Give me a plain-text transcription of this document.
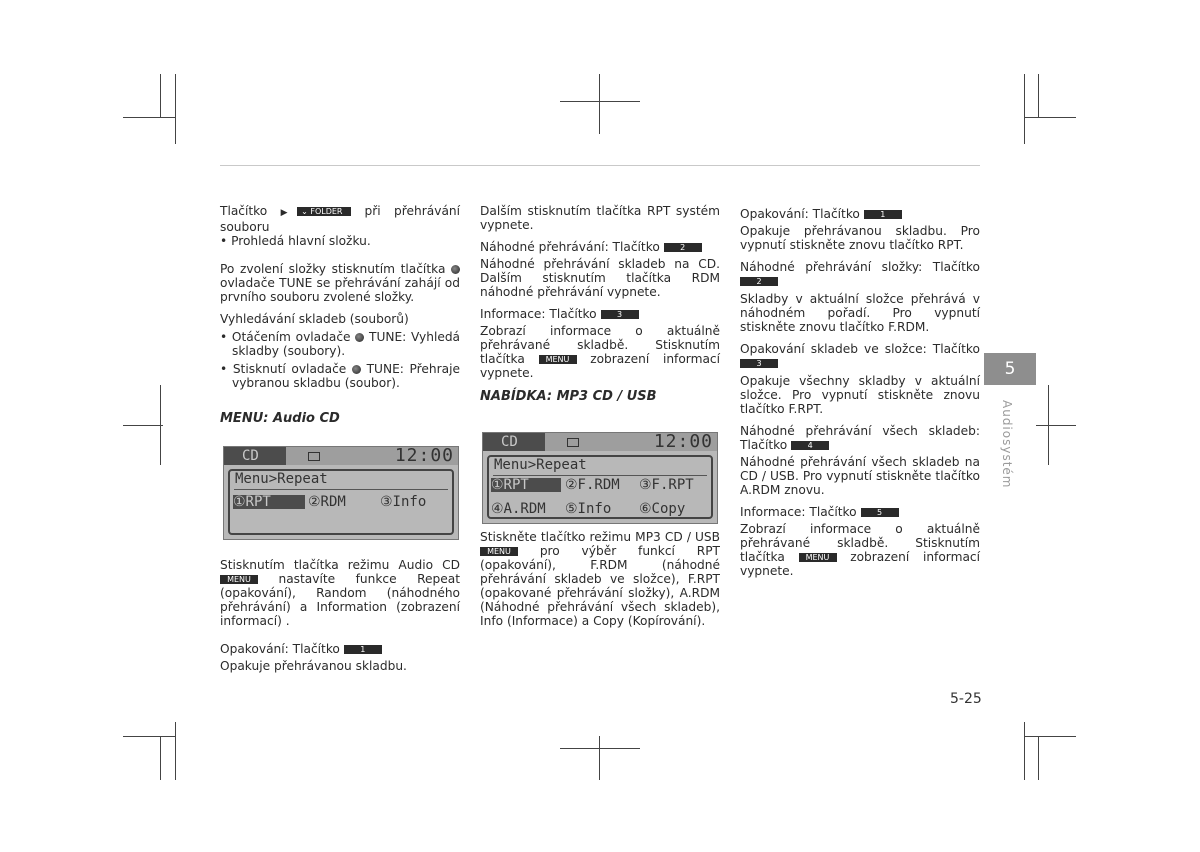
Tlačítko ▶ ⌄ FOLDER při přehrávání souboru

• Prohledá hlavní složku.

Po zvolení složky stisknutím tlačítka  ovladače TUNE se přehrávání zahájí od prvního souboru zvolené složky.

Vyhledávání skladeb (souborů)

• Otáčením ovladače TUNE: Vyhledá skladby (soubory).

• Stisknutí ovladače TUNE: Přehraje vybranou skladbu (soubor).

MENU: Audio CD

Stisknutím tlačítka režimu Audio CD MENU nastavíte funkce Repeat (opakování), Random (náhodného přehrávání) a Information (zobrazení informací) .

Opakování: Tlačítko	1

Opakuje přehrávanou skladbu.

CD	12:00
Menu>Repeat
①RPT	②RDM ③Info

Dalším stisknutím tlačítka RPT systém vypnete.

Náhodné přehrávání: Tlačítko	2

Náhodné přehrávání skladeb na CD. Dalším stisknutím tlačítka RDM náhodné přehrávání vypnete.

Informace: Tlačítko	3

Zobrazí informace o aktuálně přehrávané skladbě. Stisknutím tlačítka	MENU zobrazení informací vypnete.

NABÍDKA: MP3 CD / USB

Stiskněte tlačítko režimu MP3 CD / USB MENU pro výběr funkcí RPT (opakování), F.RDM (náhodné přehrávání skladeb ve složce), F.RPT (opakované přehrávání složky), A.RDM (Náhodné přehrávání všech skladeb), Info (Informace) a Copy (Kopírování).

CD	12:00
Menu>Repeat
①RPT	②F.RDM ③F.RPT
④A.RDM ⑤Info ⑥Copy

Opakování: Tlačítko	1

Opakuje přehrávanou skladbu. Pro vypnutí stiskněte znovu tlačítko RPT.

Náhodné přehrávání složky: Tlačítko 2

Skladby v aktuální složce přehrává v náhodném pořadí. Pro vypnutí stiskněte znovu tlačítko F.RDM.

Opakování skladeb ve složce: Tlačítko 3

Opakuje všechny skladby v aktuální složce. Pro vypnutí stiskněte znovu tlačítko F.RPT.

Náhodné přehrávání všech skladeb: Tlačítko	4

Náhodné přehrávání všech skladeb na CD / USB. Pro vypnutí stiskněte tlačítko A.RDM znovu.

Informace: Tlačítko	5

Zobrazí informace o aktuálně přehrávané skladbě. Stisknutím tlačítka	MENU zobrazení informací vypnete.

5
Audiosystém
5-25
